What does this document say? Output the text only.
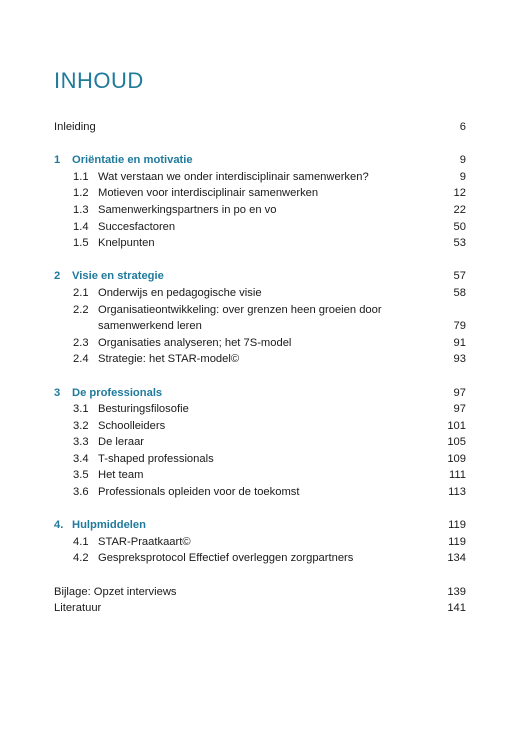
INHOUD
Inleiding	6
1 Oriëntatie en motivatie	9
1.1 Wat verstaan we onder interdisciplinair samenwerken?	9
1.2 Motieven voor interdisciplinair samenwerken	12
1.3 Samenwerkingspartners in po en vo	22
1.4 Succesfactoren	50
1.5 Knelpunten	53
2 Visie en strategie	57
2.1 Onderwijs en pedagogische visie	58
2.2 Organisatieontwikkeling: over grenzen heen groeien door
samenwerkend leren	79
2.3 Organisaties analyseren; het 7S-model	91
2.4 Strategie: het STAR-model©	93
3 De professionals	97
3.1 Besturingsfilosofie	97
3.2 Schoolleiders	101
3.3 De leraar	105
3.4 T-shaped professionals	109
3.5 Het team	111
3.6 Professionals opleiden voor de toekomst	113
4. Hulpmiddelen	119
4.1 STAR-Praatkaart©	119
4.2 Gespreksprotocol Effectief overleggen zorgpartners	134
Bijlage: Opzet interviews	139
Literatuur	141
